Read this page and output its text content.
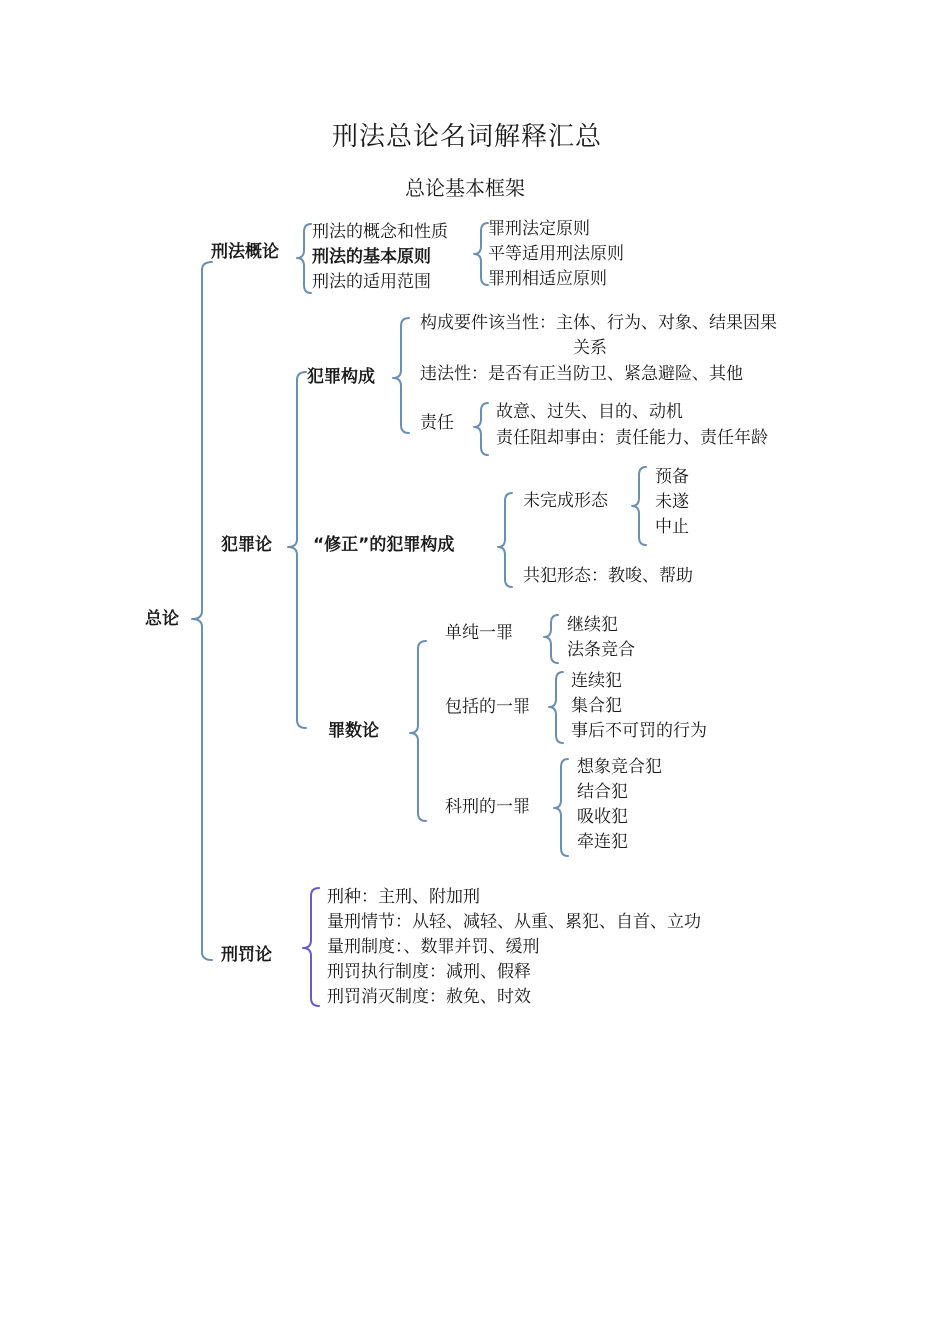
刑法总论名词解释汇总
总论基本框架
总论
刑法概论
刑法的概念和性质
刑法的基本原则
刑法的适用范围
罪刑法定原则
平等适用刑法原则
罪刑相适应原则
犯罪论
犯罪构成
构成要件该当性：主体、行为、对象、结果因果
关系
违法性：是否有正当防卫、紧急避险、其他
责任
故意、过失、目的、动机
责任阻却事由：责任能力、责任年龄
“修正”的犯罪构成
未完成形态
预备
未遂
中止
共犯形态：教唆、帮助
罪数论
单纯一罪	继续犯
法条竞合
包括的一罪
连续犯
集合犯
事后不可罚的行为
科刑的一罪
想象竞合犯
结合犯
吸收犯
牵连犯
刑罚论
刑种：主刑、附加刑
量刑情节：从轻、减轻、从重、累犯、自首、立功
量刑制度：、数罪并罚、缓刑
刑罚执行制度：减刑、假释
刑罚消灭制度：赦免、时效
